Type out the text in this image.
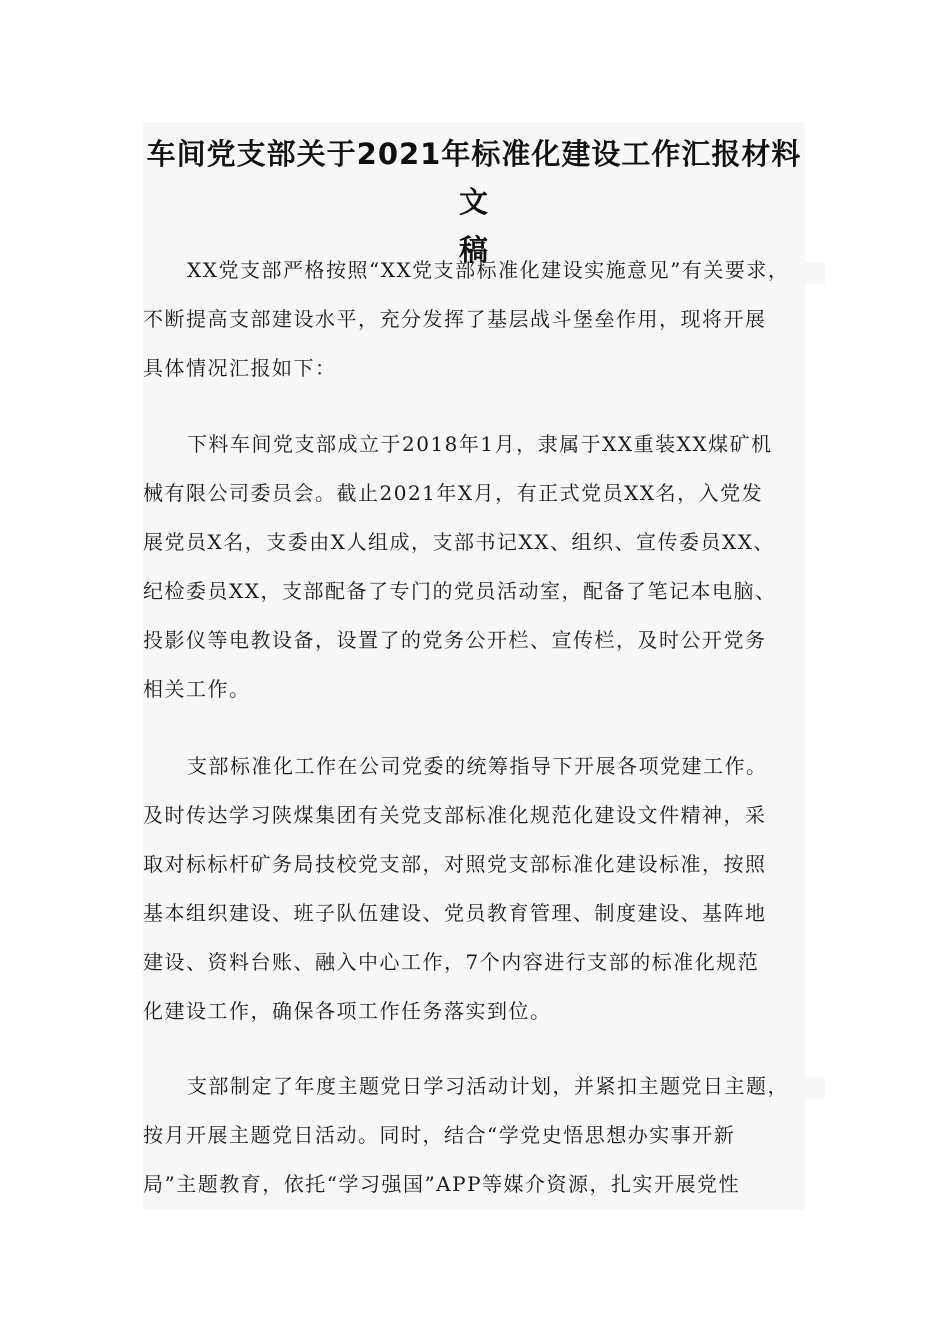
车间党支部关于2021年标准化建设工作汇报材料文
稿

XX党支部严格按照“XX党支部标准化建设实施意见”有关要求，
不断提高支部建设水平，充分发挥了基层战斗堡垒作用，现将开展
具体情况汇报如下：

下料车间党支部成立于2018年1月，隶属于XX重装XX煤矿机
械有限公司委员会。截止2021年X月，有正式党员XX名，入党发
展党员X名，支委由X人组成，支部书记XX、组织、宣传委员XX、
纪检委员XX，支部配备了专门的党员活动室，配备了笔记本电脑、
投影仪等电教设备，设置了的党务公开栏、宣传栏，及时公开党务
相关工作。

支部标准化工作在公司党委的统筹指导下开展各项党建工作。
及时传达学习陕煤集团有关党支部标准化规范化建设文件精神，采
取对标标杆矿务局技校党支部，对照党支部标准化建设标准，按照
基本组织建设、班子队伍建设、党员教育管理、制度建设、基阵地
建设、资料台账、融入中心工作，7个内容进行支部的标准化规范
化建设工作，确保各项工作任务落实到位。

支部制定了年度主题党日学习活动计划，并紧扣主题党日主题，
按月开展主题党日活动。同时，结合“学党史悟思想办实事开新
局”主题教育，依托“学习强国”APP等媒介资源，扎实开展党性
